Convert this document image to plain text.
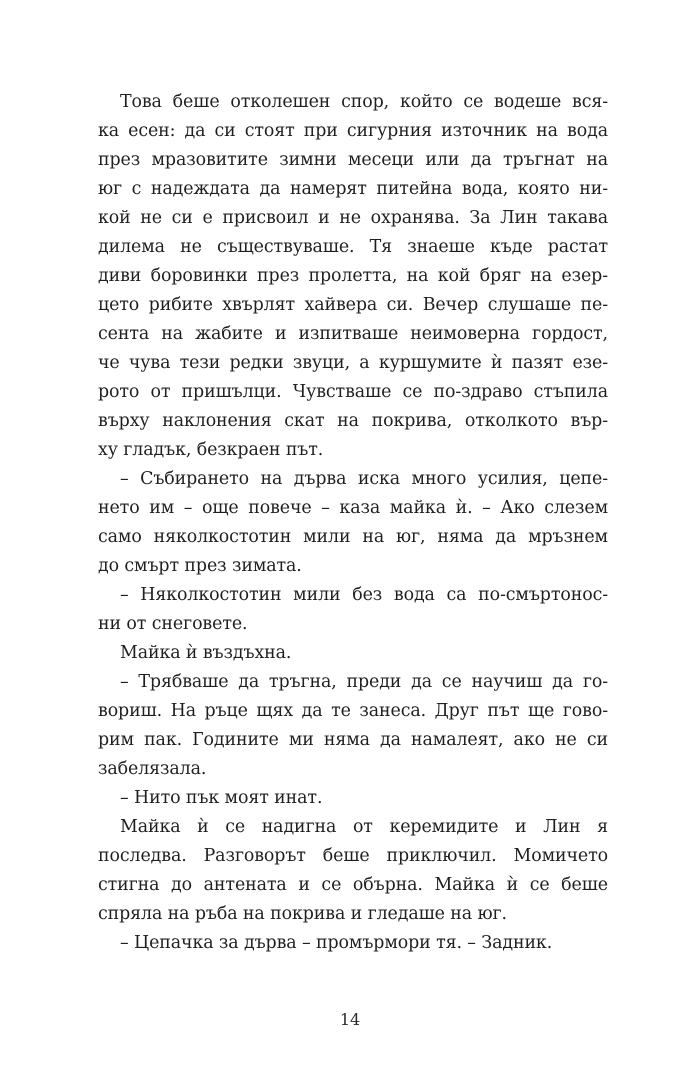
Това беше отколешен спор, който се водеше вся-
ка есен: да си стоят при сигурния източник на вода
през мразовитите зимни месеци или да тръгнат на
юг с надеждата да намерят питейна вода, която ни-
кой не си е присвоил и не охранява. За Лин такава
дилема не съществуваше. Тя знаеше къде растат
диви боровинки през пролетта, на кой бряг на езер-
цето рибите хвърлят хайвера си. Вечер слушаше пе-
сента на жабите и изпитваше неимоверна гордост,
че чува тези редки звуци, а куршумите ѝ пазят езе-
рото от пришълци. Чувстваше се по-здраво стъпила
върху наклонения скат на покрива, отколкото вър-
ху гладък, безкраен път.
– Събирането на дърва иска много усилия, цепе-
нето им – още повече – каза майка ѝ. – Ако слезем
само няколкостотин мили на юг, няма да мръзнем
до смърт през зимата.
– Няколкостотин мили без вода са по-смъртонос-
ни от снеговете.
Майка ѝ въздъхна.
– Трябваше да тръгна, преди да се научиш да го-
вориш. На ръце щях да те занеса. Друг път ще гово-
рим пак. Годините ми няма да намалеят, ако не си
забелязала.
– Нито пък моят инат.
Майка ѝ се надигна от керемидите и Лин я
последва. Разговорът беше приключил. Момичето
стигна до антената и се обърна. Майка ѝ се беше
спряла на ръба на покрива и гледаше на юг.
– Цепачка за дърва – промърмори тя. – Задник.
14
